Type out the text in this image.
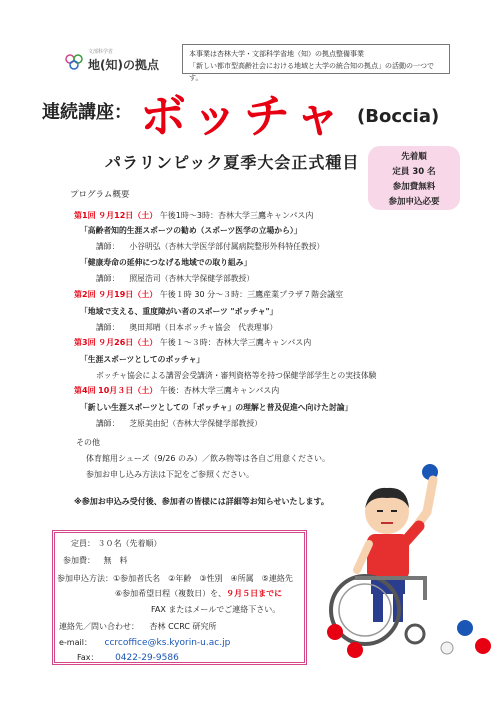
文部科学省
地(知)の拠点
本事業は杏林大学・文部科学省地（知）の拠点整備事業
「新しい都市型高齢社会における地域と大学の統合知の拠点」の活動の一つです。
連続講座： ボッチャ (Boccia)
パラリンピック夏季大会正式種目	先着順
定員 30 名
参加費無料
参加申込必要
プログラム概要
第1回 ９月12日（土） 午後1時〜3時：杏林大学三鷹キャンパス内
「高齢者知的生涯スポーツの勧め（スポーツ医学の立場から）」
講師： 小谷明弘（杏林大学医学部付属病院整形外科特任教授）
「健康寿命の延伸につなげる地域での取り組み」
講師： 照屋浩司（杏林大学保健学部教授）
第2回 ９月19日（土） 午後１時 30 分〜３時：三鷹産業プラザ７階会議室
「地域で支える、重度障がい者のスポーツ "ボッチャ"」
講師： 奥田邦晴（日本ボッチャ協会　代表理事）
第3回 ９月26日（土） 午後１〜３時：杏林大学三鷹キャンパス内
「生涯スポーツとしてのボッチャ」
ボッチャ協会による講習会受講済・審判資格等を持つ保健学部学生との実技体験
第4回 10月３日（土） 午後：杏林大学三鷹キャンパス内
「新しい生涯スポーツとしての「ボッチャ」の理解と普及促進へ向けた討論」
講師： 芝原美由紀（杏林大学保健学部教授）
その他
体育館用シューズ（9/26 のみ）／飲み物等は各自ご用意ください。
参加お申し込み方法は下記をご参照ください。
※参加お申込み受付後、参加者の皆様には詳細等お知らせいたします。
定員： ３０名（先着順）
参加費： 無　料
参加申込方法：①参加者氏名　②年齢　③性別　④所属　⑤連絡先
⑥参加希望日程（複数日）を、９月５日までに
FAX またはメールでご連絡下さい。
連絡先／問い合わせ： 杏林 CCRC 研究所
e-mail： ccrcoffice@ks.kyorin-u.ac.jp
Fax： 0422-29-9586
